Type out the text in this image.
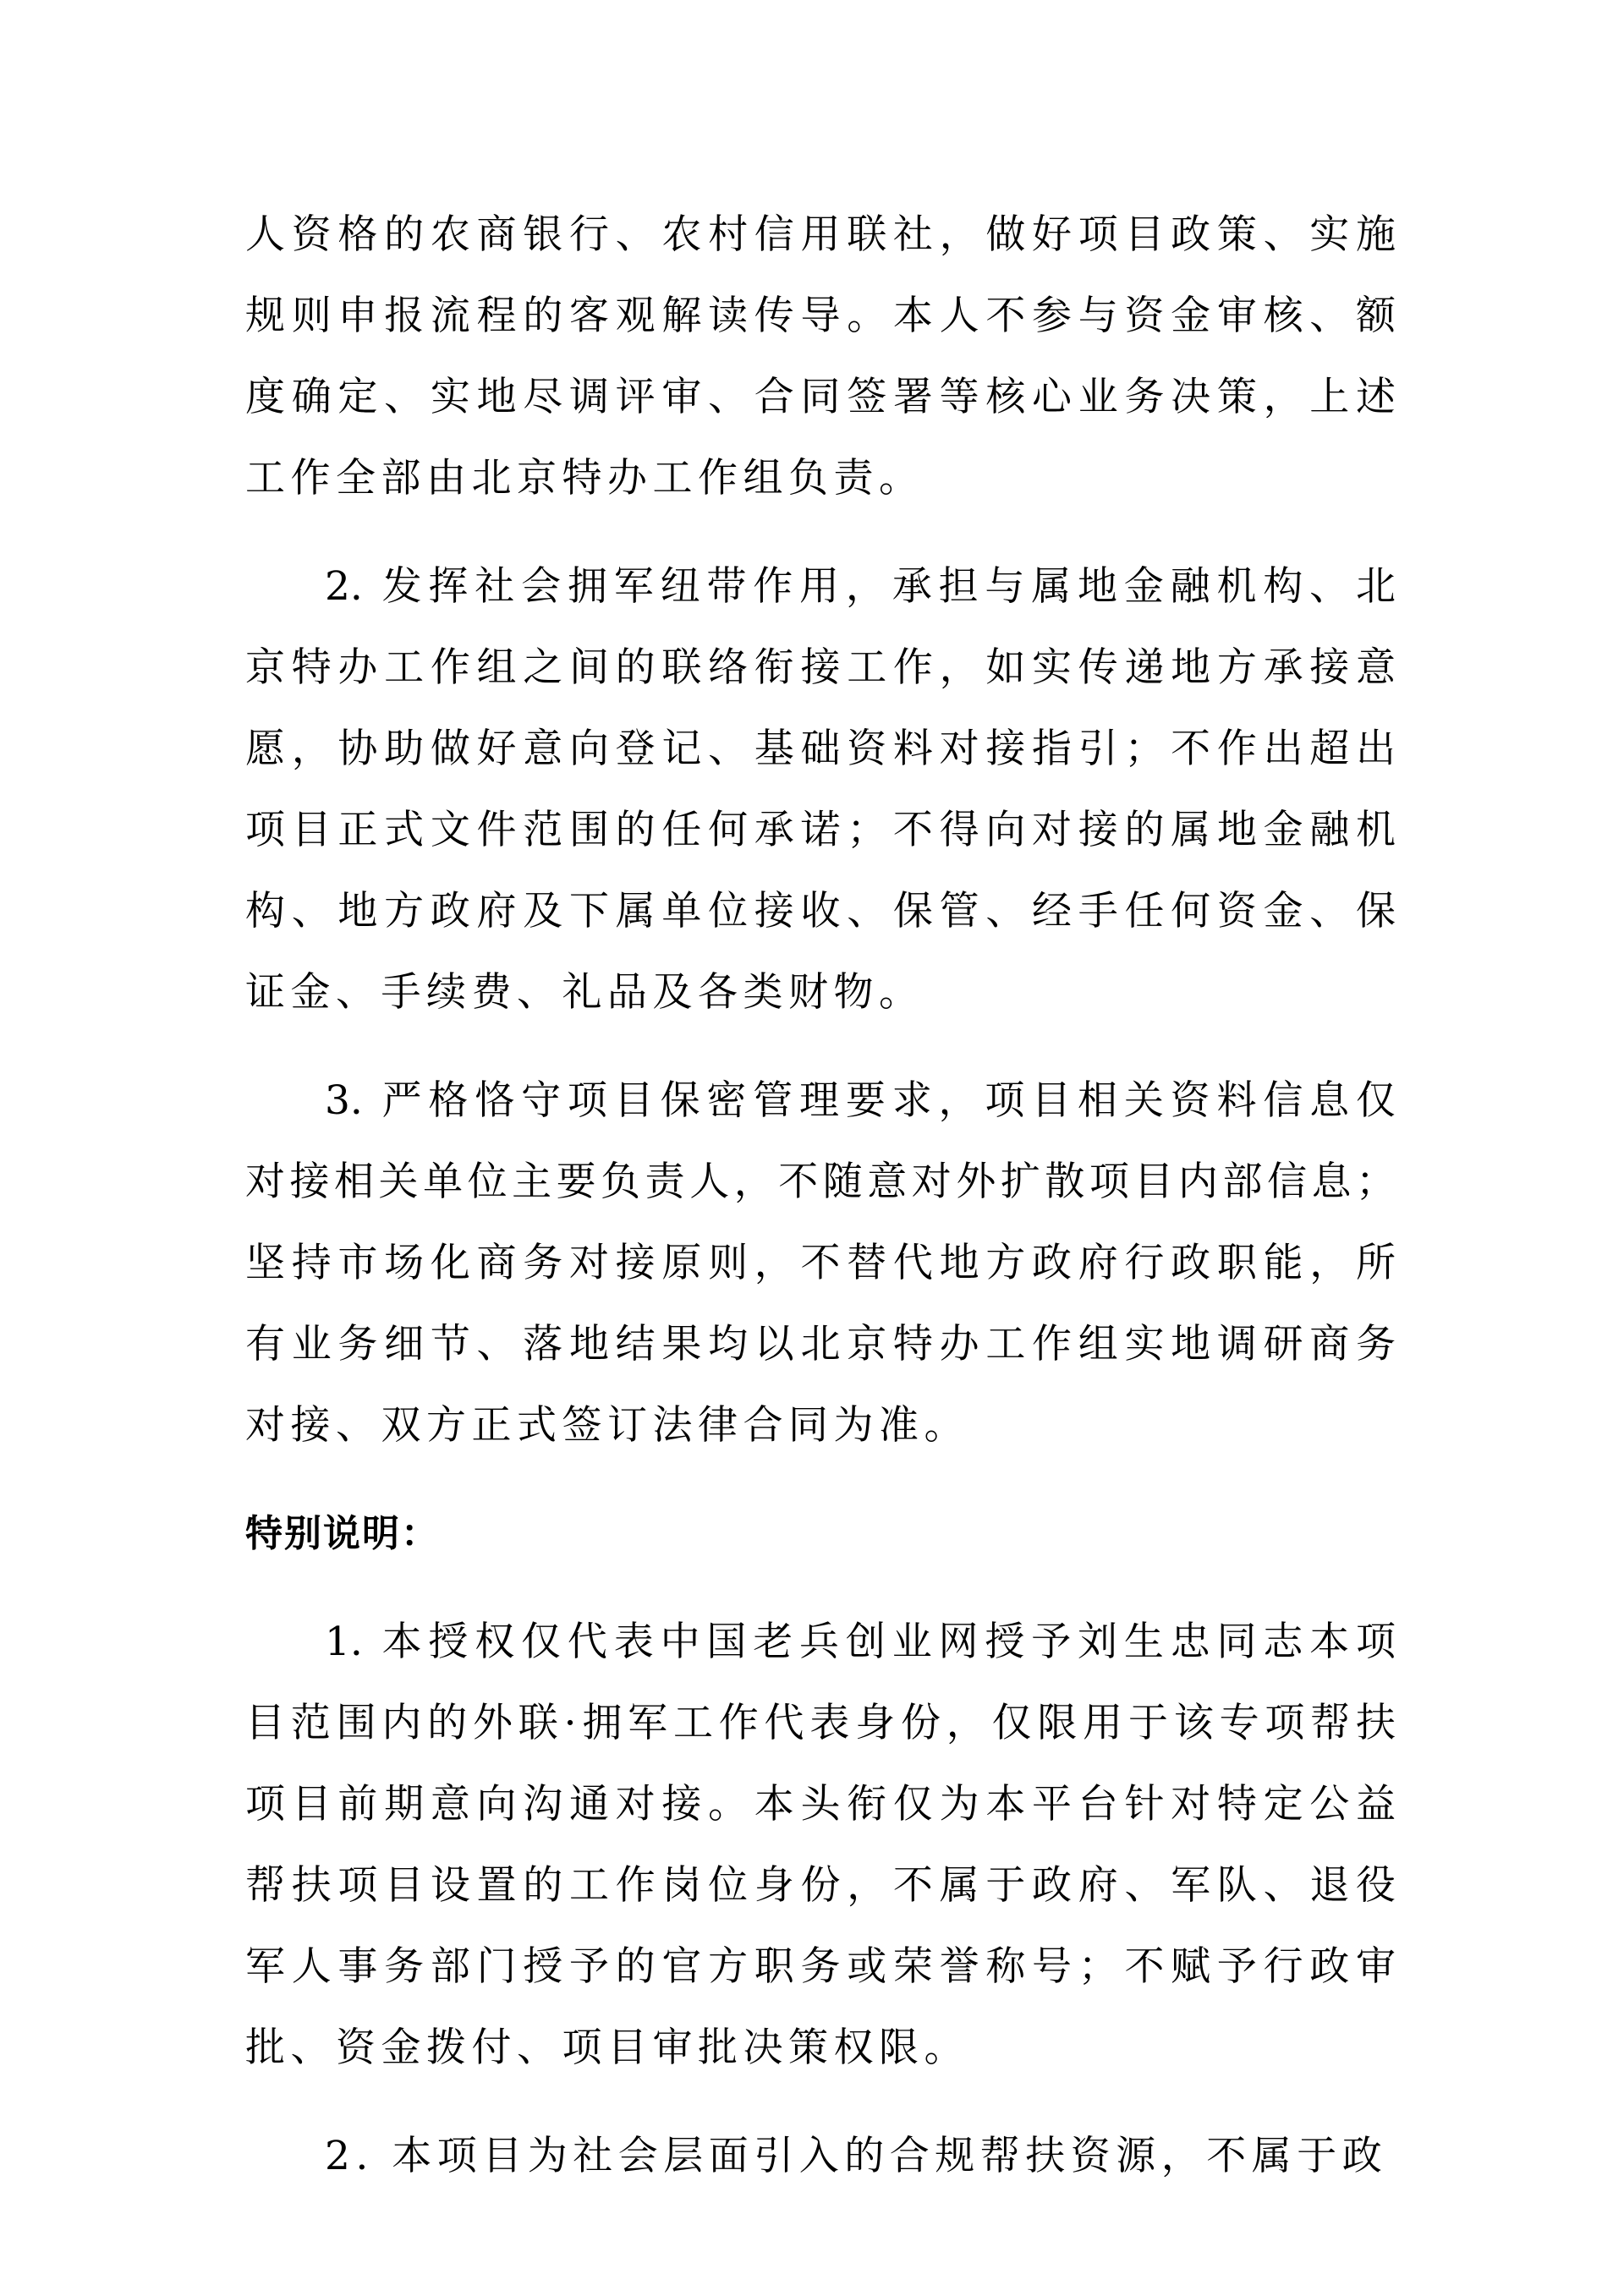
人资格的农商银行、农村信用联社，做好项目政策、实施
规则申报流程的客观解读传导。本人不参与资金审核、额
度确定、实地尽调评审、合同签署等核心业务决策，上述
工作全部由北京特办工作组负责。
2. 发挥社会拥军纽带作用，承担与属地金融机构、北
京特办工作组之间的联络衔接工作，如实传递地方承接意
愿，协助做好意向登记、基础资料对接指引；不作出超出
项目正式文件范围的任何承诺；不得向对接的属地金融机
构、地方政府及下属单位接收、保管、经手任何资金、保
证金、手续费、礼品及各类财物。
3. 严格恪守项目保密管理要求，项目相关资料信息仅
对接相关单位主要负责人，不随意对外扩散项目内部信息；
坚持市场化商务对接原则，不替代地方政府行政职能，所
有业务细节、落地结果均以北京特办工作组实地调研商务
对接、双方正式签订法律合同为准。
特别说明：
1. 本授权仅代表中国老兵创业网授予刘生忠同志本项
目范围内的外联·拥军工作代表身份，仅限用于该专项帮扶
项目前期意向沟通对接。本头衔仅为本平台针对特定公益
帮扶项目设置的工作岗位身份，不属于政府、军队、退役
军人事务部门授予的官方职务或荣誉称号；不赋予行政审
批、资金拨付、项目审批决策权限。
2. 本项目为社会层面引入的合规帮扶资源，不属于政
